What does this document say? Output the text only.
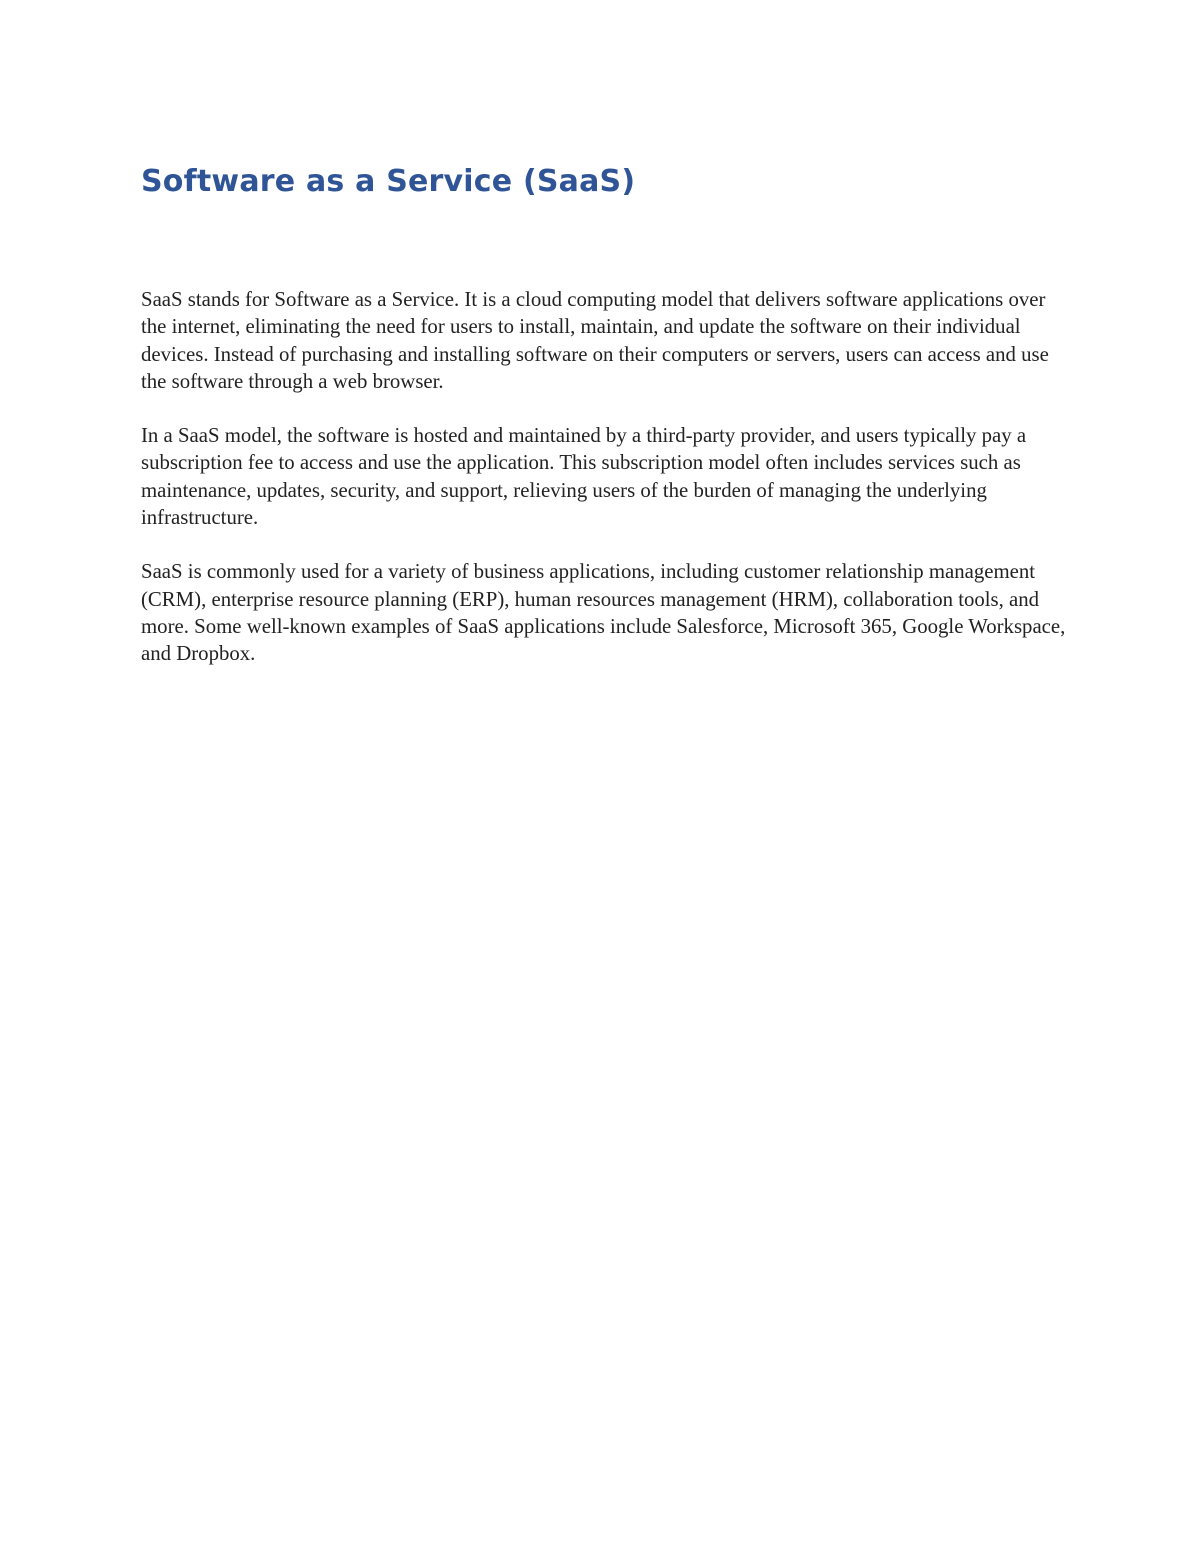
Software as a Service (SaaS)

SaaS stands for Software as a Service. It is a cloud computing model that delivers software applications over the internet, eliminating the need for users to install, maintain, and update the software on their individual devices. Instead of purchasing and installing software on their computers or servers, users can access and use the software through a web browser.

In a SaaS model, the software is hosted and maintained by a third-party provider, and users typically pay a subscription fee to access and use the application. This subscription model often includes services such as maintenance, updates, security, and support, relieving users of the burden of managing the underlying infrastructure.

SaaS is commonly used for a variety of business applications, including customer relationship management (CRM), enterprise resource planning (ERP), human resources management (HRM), collaboration tools, and more. Some well-known examples of SaaS applications include Salesforce, Microsoft 365, Google Workspace, and Dropbox.
